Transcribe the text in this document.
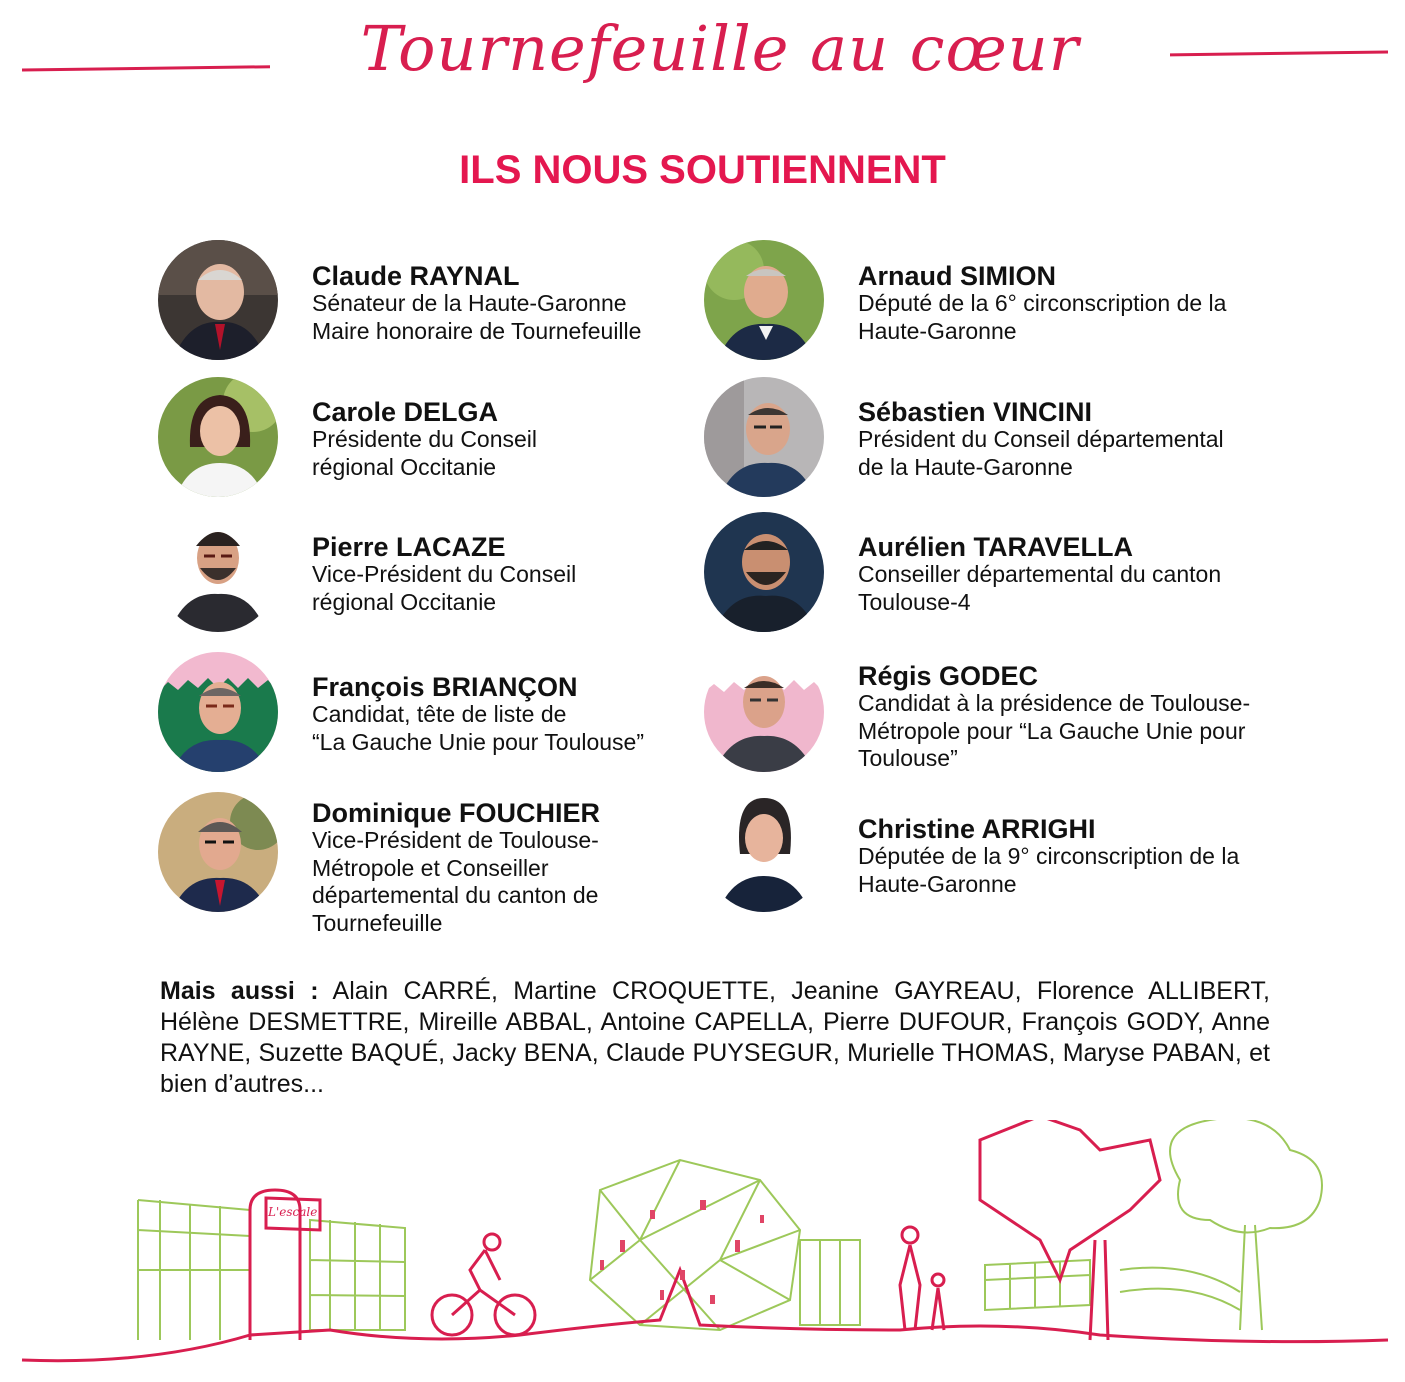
Tournefeuille au cœur
ILS NOUS SOUTIENNENT
Claude RAYNAL
Sénateur de la Haute-Garonne
Maire honoraire de Tournefeuille
Arnaud SIMION
Député de la 6° circonscription de la
Haute-Garonne
Carole DELGA
Présidente du Conseil
régional Occitanie
Sébastien VINCINI
Président du Conseil départemental
de la Haute-Garonne
Pierre LACAZE
Vice-Président du Conseil
régional Occitanie
Aurélien TARAVELLA
Conseiller départemental du canton
Toulouse-4
François BRIANÇON
Candidat, tête de liste de
“La Gauche Unie pour Toulouse”
Régis GODEC
Candidat à la présidence de Toulouse-
Métropole pour “La Gauche Unie pour
Toulouse”
Dominique FOUCHIER
Vice-Président de Toulouse-
Métropole et Conseiller
départemental du canton de
Tournefeuille
Christine ARRIGHI
Députée de la 9° circonscription de la
Haute-Garonne
Mais aussi : Alain CARRÉ, Martine CROQUETTE, Jeanine GAYREAU, Florence ALLIBERT, Hélène DESMETTRE, Mireille ABBAL, Antoine CAPELLA, Pierre DUFOUR, François GODY, Anne RAYNE, Suzette BAQUÉ, Jacky BENA, Claude PUYSEGUR, Murielle THOMAS, Maryse PABAN, et bien d’autres...
L'escale
